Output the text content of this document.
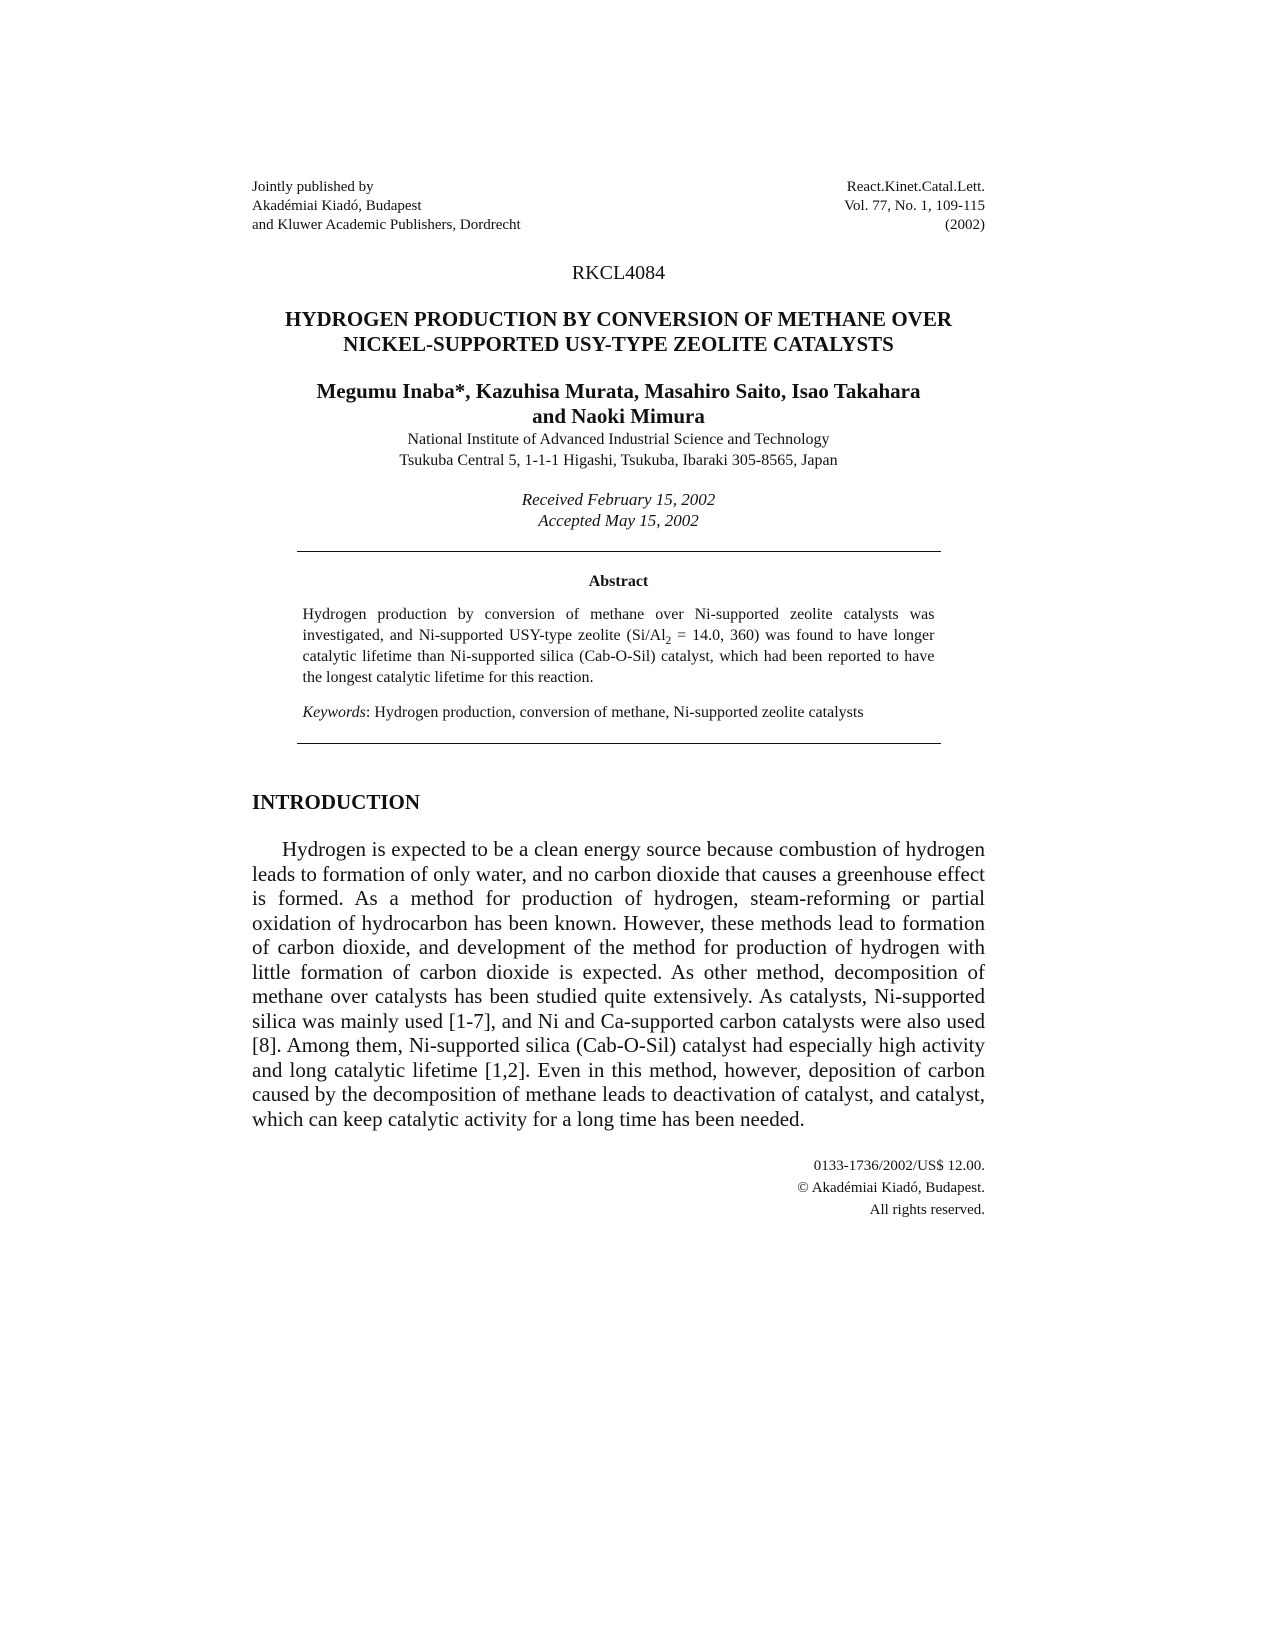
Jointly published by
Akadémiai Kiadó, Budapest
and Kluwer Academic Publishers, Dordrecht
React.Kinet.Catal.Lett.
Vol. 77, No. 1, 109-115
(2002)
RKCL4084
HYDROGEN PRODUCTION BY CONVERSION OF METHANE OVER
NICKEL-SUPPORTED USY-TYPE ZEOLITE CATALYSTS
Megumu Inaba*, Kazuhisa Murata, Masahiro Saito, Isao Takahara
and Naoki Mimura
National Institute of Advanced Industrial Science and Technology
Tsukuba Central 5, 1-1-1 Higashi, Tsukuba, Ibaraki 305-8565, Japan
Received February 15, 2002
Accepted May 15, 2002
Abstract

Hydrogen production by conversion of methane over Ni-supported zeolite catalysts was investigated, and Ni-supported USY-type zeolite ($Si/Al_2 = 14.0$, 360) was found to have longer catalytic lifetime than Ni-supported silica (Cab-O-Sil) catalyst, which had been reported to have the longest catalytic lifetime for this reaction.

Keywords: Hydrogen production, conversion of methane, Ni-supported zeolite catalysts

INTRODUCTION

Hydrogen is expected to be a clean energy source because combustion of hydrogen leads to formation of only water, and no carbon dioxide that causes a greenhouse effect is formed. As a method for production of hydrogen, steam-reforming or partial oxidation of hydrocarbon has been known. However, these methods lead to formation of carbon dioxide, and development of the method for production of hydrogen with little formation of carbon dioxide is expected. As other method, decomposition of methane over catalysts has been studied quite extensively. As catalysts, Ni-supported silica was mainly used [1-7], and Ni and Ca-supported carbon catalysts were also used [8]. Among them, Ni-supported silica (Cab-O-Sil) catalyst had especially high activity and long catalytic lifetime [1,2]. Even in this method, however, deposition of carbon caused by the decomposition of methane leads to deactivation of catalyst, and catalyst, which can keep catalytic activity for a long time has been needed.

0133-1736/2002/US$ 12.00.
© Akadémiai Kiadó, Budapest.
All rights reserved.
